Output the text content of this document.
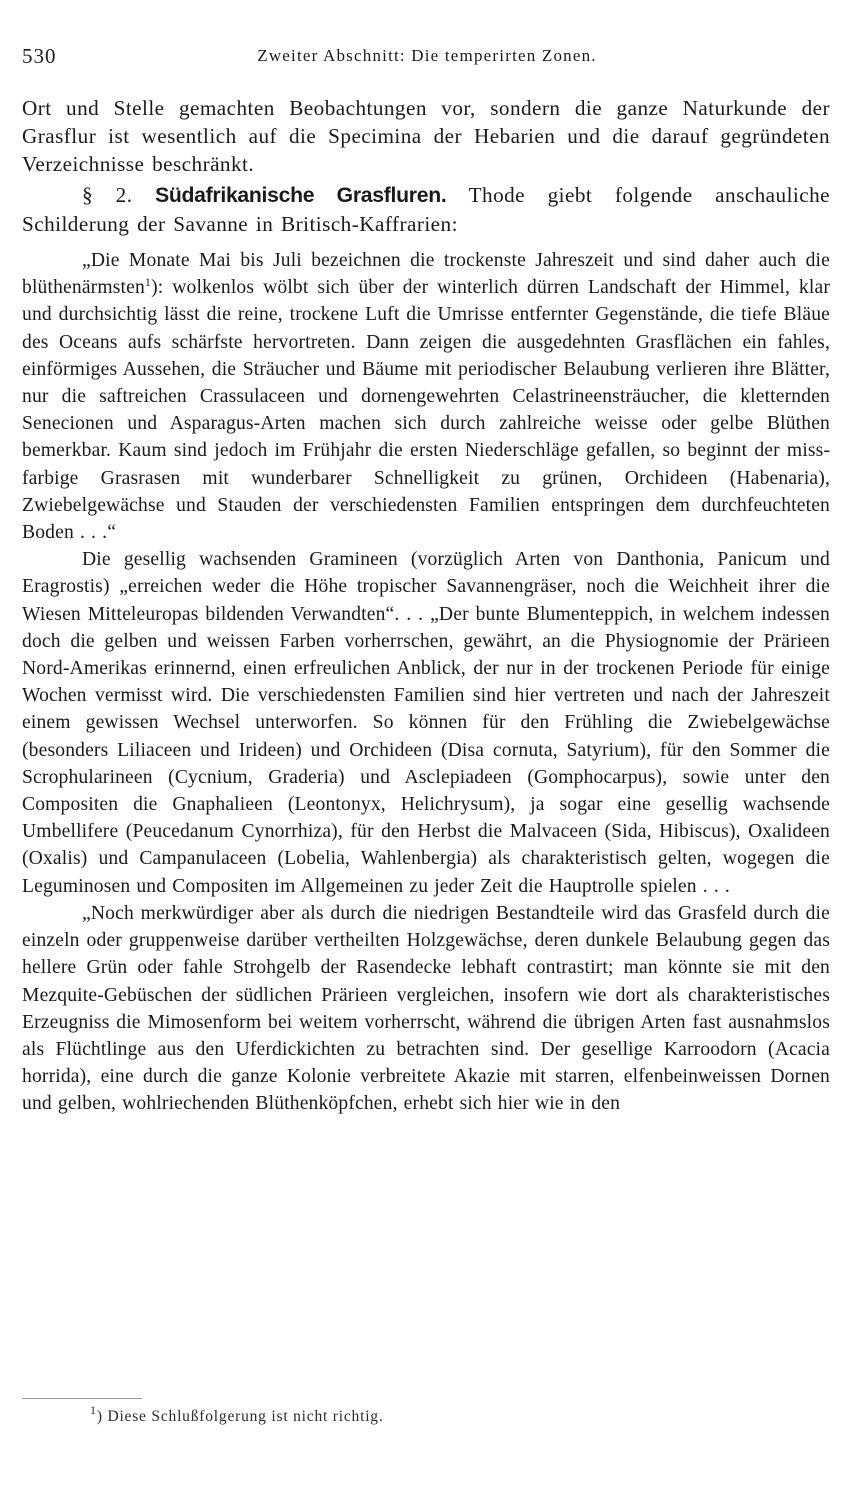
530	Zweiter Abschnitt: Die temperirten Zonen.

Ort und Stelle gemachten Beobachtungen vor, sondern die ganze Naturkunde der Grasflur ist wesentlich auf die Specimina der Hebarien und die darauf gegründeten Verzeichnisse beschränkt.

§ 2. Südafrikanische Grasfluren. Thode giebt folgende anschauliche Schilderung der Savanne in Britisch-Kaffrarien:

„Die Monate Mai bis Juli bezeichnen die trockenste Jahreszeit und sind daher auch die blüthenärmsten$^1$): wolkenlos wölbt sich über der winterlich dürren Landschaft der Himmel, klar und durchsichtig lässt die reine, trockene Luft die Umrisse entfernter Gegenstände, die tiefe Bläue des Oceans aufs schärfste hervortreten. Dann zeigen die ausgedehnten Grasflächen ein fahles, einförmiges Aussehen, die Sträucher und Bäume mit periodischer Belaubung verlieren ihre Blätter, nur die saftreichen Crassulaceen und dornengewehrten Celastrineensträucher, die kletternden Senecionen und Asparagus-Arten machen sich durch zahlreiche weisse oder gelbe Blüthen bemerkbar. Kaum sind jedoch im Frühjahr die ersten Niederschläge gefallen, so beginnt der missfarbige Grasrasen mit wunderbarer Schnelligkeit zu grünen, Orchideen (Habenaria), Zwiebelgewächse und Stauden der verschiedensten Familien entspringen dem durchfeuchteten Boden . . .“

Die gesellig wachsenden Gramineen (vorzüglich Arten von Danthonia, Panicum und Eragrostis) „erreichen weder die Höhe tropischer Savannengräser, noch die Weichheit ihrer die Wiesen Mitteleuropas bildenden Verwandten“. . . „Der bunte Blumenteppich, in welchem indessen doch die gelben und weissen Farben vorherrschen, gewährt, an die Physiognomie der Prärieen Nord-Amerikas erinnernd, einen erfreulichen Anblick, der nur in der trockenen Periode für einige Wochen vermisst wird. Die verschiedensten Familien sind hier vertreten und nach der Jahreszeit einem gewissen Wechsel unterworfen. So können für den Frühling die Zwiebelgewächse (besonders Liliaceen und Irideen) und Orchideen (Disa cornuta, Satyrium), für den Sommer die Scrophularineen (Cycnium, Graderia) und Asclepiadeen (Gomphocarpus), sowie unter den Compositen die Gnaphalieen (Leontonyx, Helichrysum), ja sogar eine gesellig wachsende Umbellifere (Peucedanum Cynorrhiza), für den Herbst die Malvaceen (Sida, Hibiscus), Oxalideen (Oxalis) und Campanulaceen (Lobelia, Wahlenbergia) als charakteristisch gelten, wogegen die Leguminosen und Compositen im Allgemeinen zu jeder Zeit die Hauptrolle spielen . . .

„Noch merkwürdiger aber als durch die niedrigen Bestandteile wird das Grasfeld durch die einzeln oder gruppenweise darüber vertheilten Holzgewächse, deren dunkele Belaubung gegen das hellere Grün oder fahle Strohgelb der Rasendecke lebhaft contrastirt; man könnte sie mit den Mezquite-Gebüschen der südlichen Prärieen vergleichen, insofern wie dort als charakteristisches Erzeugniss die Mimosenform bei weitem vorherrscht, während die übrigen Arten fast ausnahmslos als Flüchtlinge aus den Uferdickichten zu betrachten sind. Der gesellige Karroodorn (Acacia horrida), eine durch die ganze Kolonie verbreitete Akazie mit starren, elfenbeinweissen Dornen und gelben, wohlriechenden Blüthenköpfchen, erhebt sich hier wie in den

$^1$) Diese Schlußfolgerung ist nicht richtig.
